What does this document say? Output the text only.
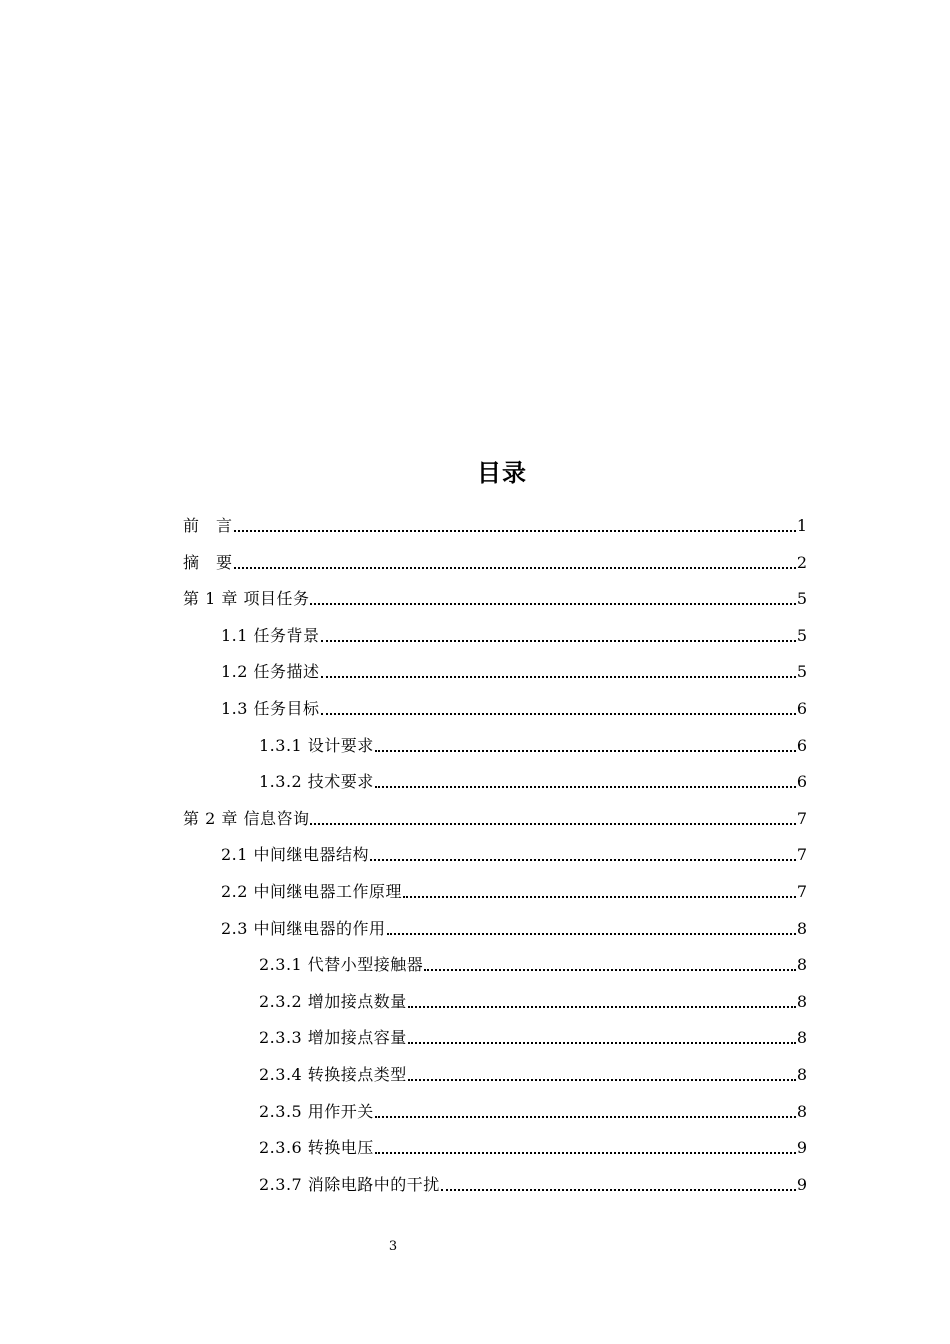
目录
前　言	1
摘　要	2
第 1 章 项目任务	5
1.1 任务背景	5
1.2 任务描述	5
1.3 任务目标	6
1.3.1 设计要求	6
1.3.2 技术要求	6
第 2 章 信息咨询	7
2.1 中间继电器结构	7
2.2 中间继电器工作原理	7
2.3 中间继电器的作用	8
2.3.1 代替小型接触器	8
2.3.2 增加接点数量	8
2.3.3 增加接点容量	8
2.3.4 转换接点类型	8
2.3.5 用作开关	8
2.3.6 转换电压	9
2.3.7 消除电路中的干扰	9
3
